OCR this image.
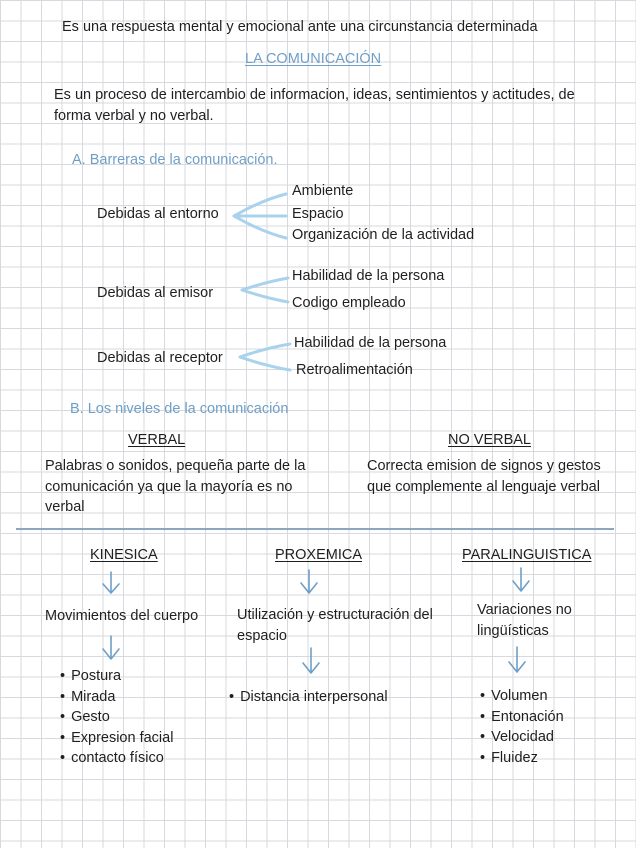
Es una respuesta mental y emocional ante una circunstancia determinada
LA COMUNICACIÓN
Es un proceso de intercambio de informacion, ideas, sentimientos y actitudes, de forma verbal y no verbal.
A. Barreras de la comunicación.
Debidas al entorno
Ambiente
Espacio
Organización de la actividad
Debidas al emisor
Habilidad de la persona
Codigo empleado
Debidas al receptor
Habilidad de la persona
Retroalimentación
B. Los niveles de la comunicación
VERBAL
Palabras o sonidos, pequeña parte de la comunicación ya que la mayoría es no verbal
NO VERBAL
Correcta emision de signos y gestos que complemente al lenguaje verbal
KINESICA
Movimientos del cuerpo
• Postura
• Mirada
• Gesto
• Expresion facial
• contacto físico
PROXEMICA
Utilización y estructuración del espacio
• Distancia interpersonal
PARALINGUISTICA
Variaciones no lingüísticas
• Volumen
• Entonación
• Velocidad
• Fluidez
